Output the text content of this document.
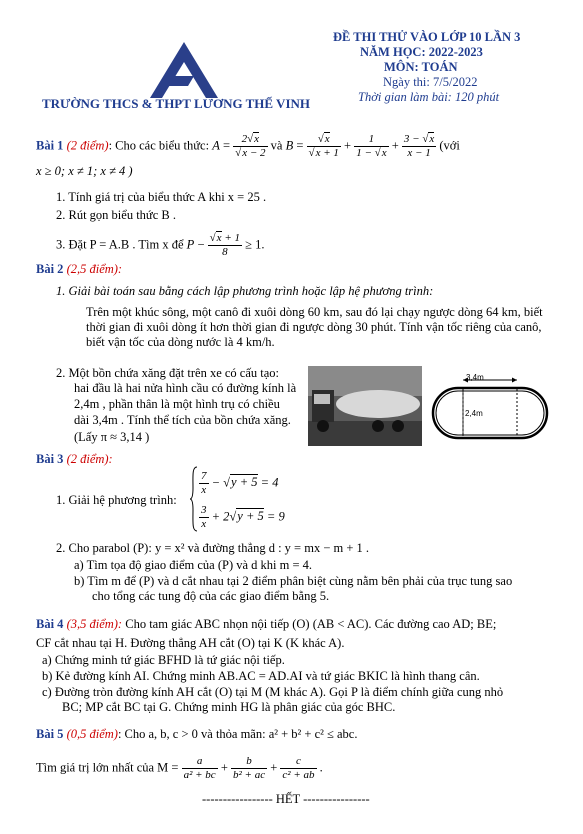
TRƯỜNG THCS & THPT LƯƠNG THẾ VINH
ĐỀ THI THỬ VÀO LỚP 10 LẦN 3
NĂM HỌC: 2022-2023
MÔN: TOÁN
Ngày thi: 7/5/2022
Thời gian làm bài: 120 phút
Bài 1 (2 điểm): Cho các biểu thức: $A = \frac{2√x}{√x - 2}$ và $B = \frac{√x}{√x + 1} + \frac{1}{1 - √x} + \frac{3 - √x}{x - 1}$ (với
x ≥ 0; x ≠ 1; x ≠ 4 )
1. Tính giá trị của biểu thức A khi x = 25 .
2. Rút gọn biểu thức B .
3. Đặt P = A.B . Tìm x để $P - \frac{√x + 1}{8} \ge 1$.
Bài 2 (2,5 điểm):
1. Giải bài toán sau bằng cách lập phương trình hoặc lập hệ phương trình:
Trên một khúc sông, một canô đi xuôi dòng 60 km, sau đó lại chạy ngược dòng 64 km, biết thời gian đi xuôi dòng ít hơn thời gian đi ngược dòng 30 phút. Tính vận tốc riêng của canô, biết vận tốc của dòng nước là 4 km/h.
2. Một bồn chứa xăng đặt trên xe có cấu tạo:
hai đầu là hai nửa hình cầu có đường kính là
2,4m , phần thân là một hình trụ có chiều
dài 3,4m . Tính thể tích của bồn chứa xăng.
(Lấy π ≈ 3,14 )
3,4m
2,4m
Bài 3 (2 điểm):
1. Giải hệ phương trình:
$\frac{7}{x} - √y + 5 = 4$
$\frac{3}{x} + 2√y + 5 = 9$
2. Cho parabol (P): y = x² và đường thẳng d : y = mx − m + 1 .
a) Tìm tọa độ giao điểm của (P) và d khi m = 4.
b) Tìm m để (P) và d cắt nhau tại 2 điểm phân biệt cùng nằm bên phải của trục tung sao
cho tổng các tung độ của các giao điểm bằng 5.
Bài 4 (3,5 điểm): Cho tam giác ABC nhọn nội tiếp (O) (AB < AC). Các đường cao AD; BE;
CF cắt nhau tại H. Đường thẳng AH cắt (O) tại K (K khác A).
a) Chứng minh tứ giác BFHD là tứ giác nội tiếp.
b) Kẻ đường kính AI. Chứng minh AB.AC = AD.AI và tứ giác BKIC là hình thang cân.
c) Đường tròn đường kính AH cắt (O) tại M (M khác A). Gọi P là điểm chính giữa cung nhỏ
BC; MP cắt BC tại G. Chứng minh HG là phân giác của góc BHC.
Bài 5 (0,5 điểm): Cho a, b, c > 0 và thỏa mãn: a² + b² + c² ≤ abc.
Tìm giá trị lớn nhất của $M = \frac{a}{\text{a² + bc}} + \frac{b}{\text{b² + ac}} + \frac{c}{\text{c² + ab}}$ .
----------------- HẾT ----------------
